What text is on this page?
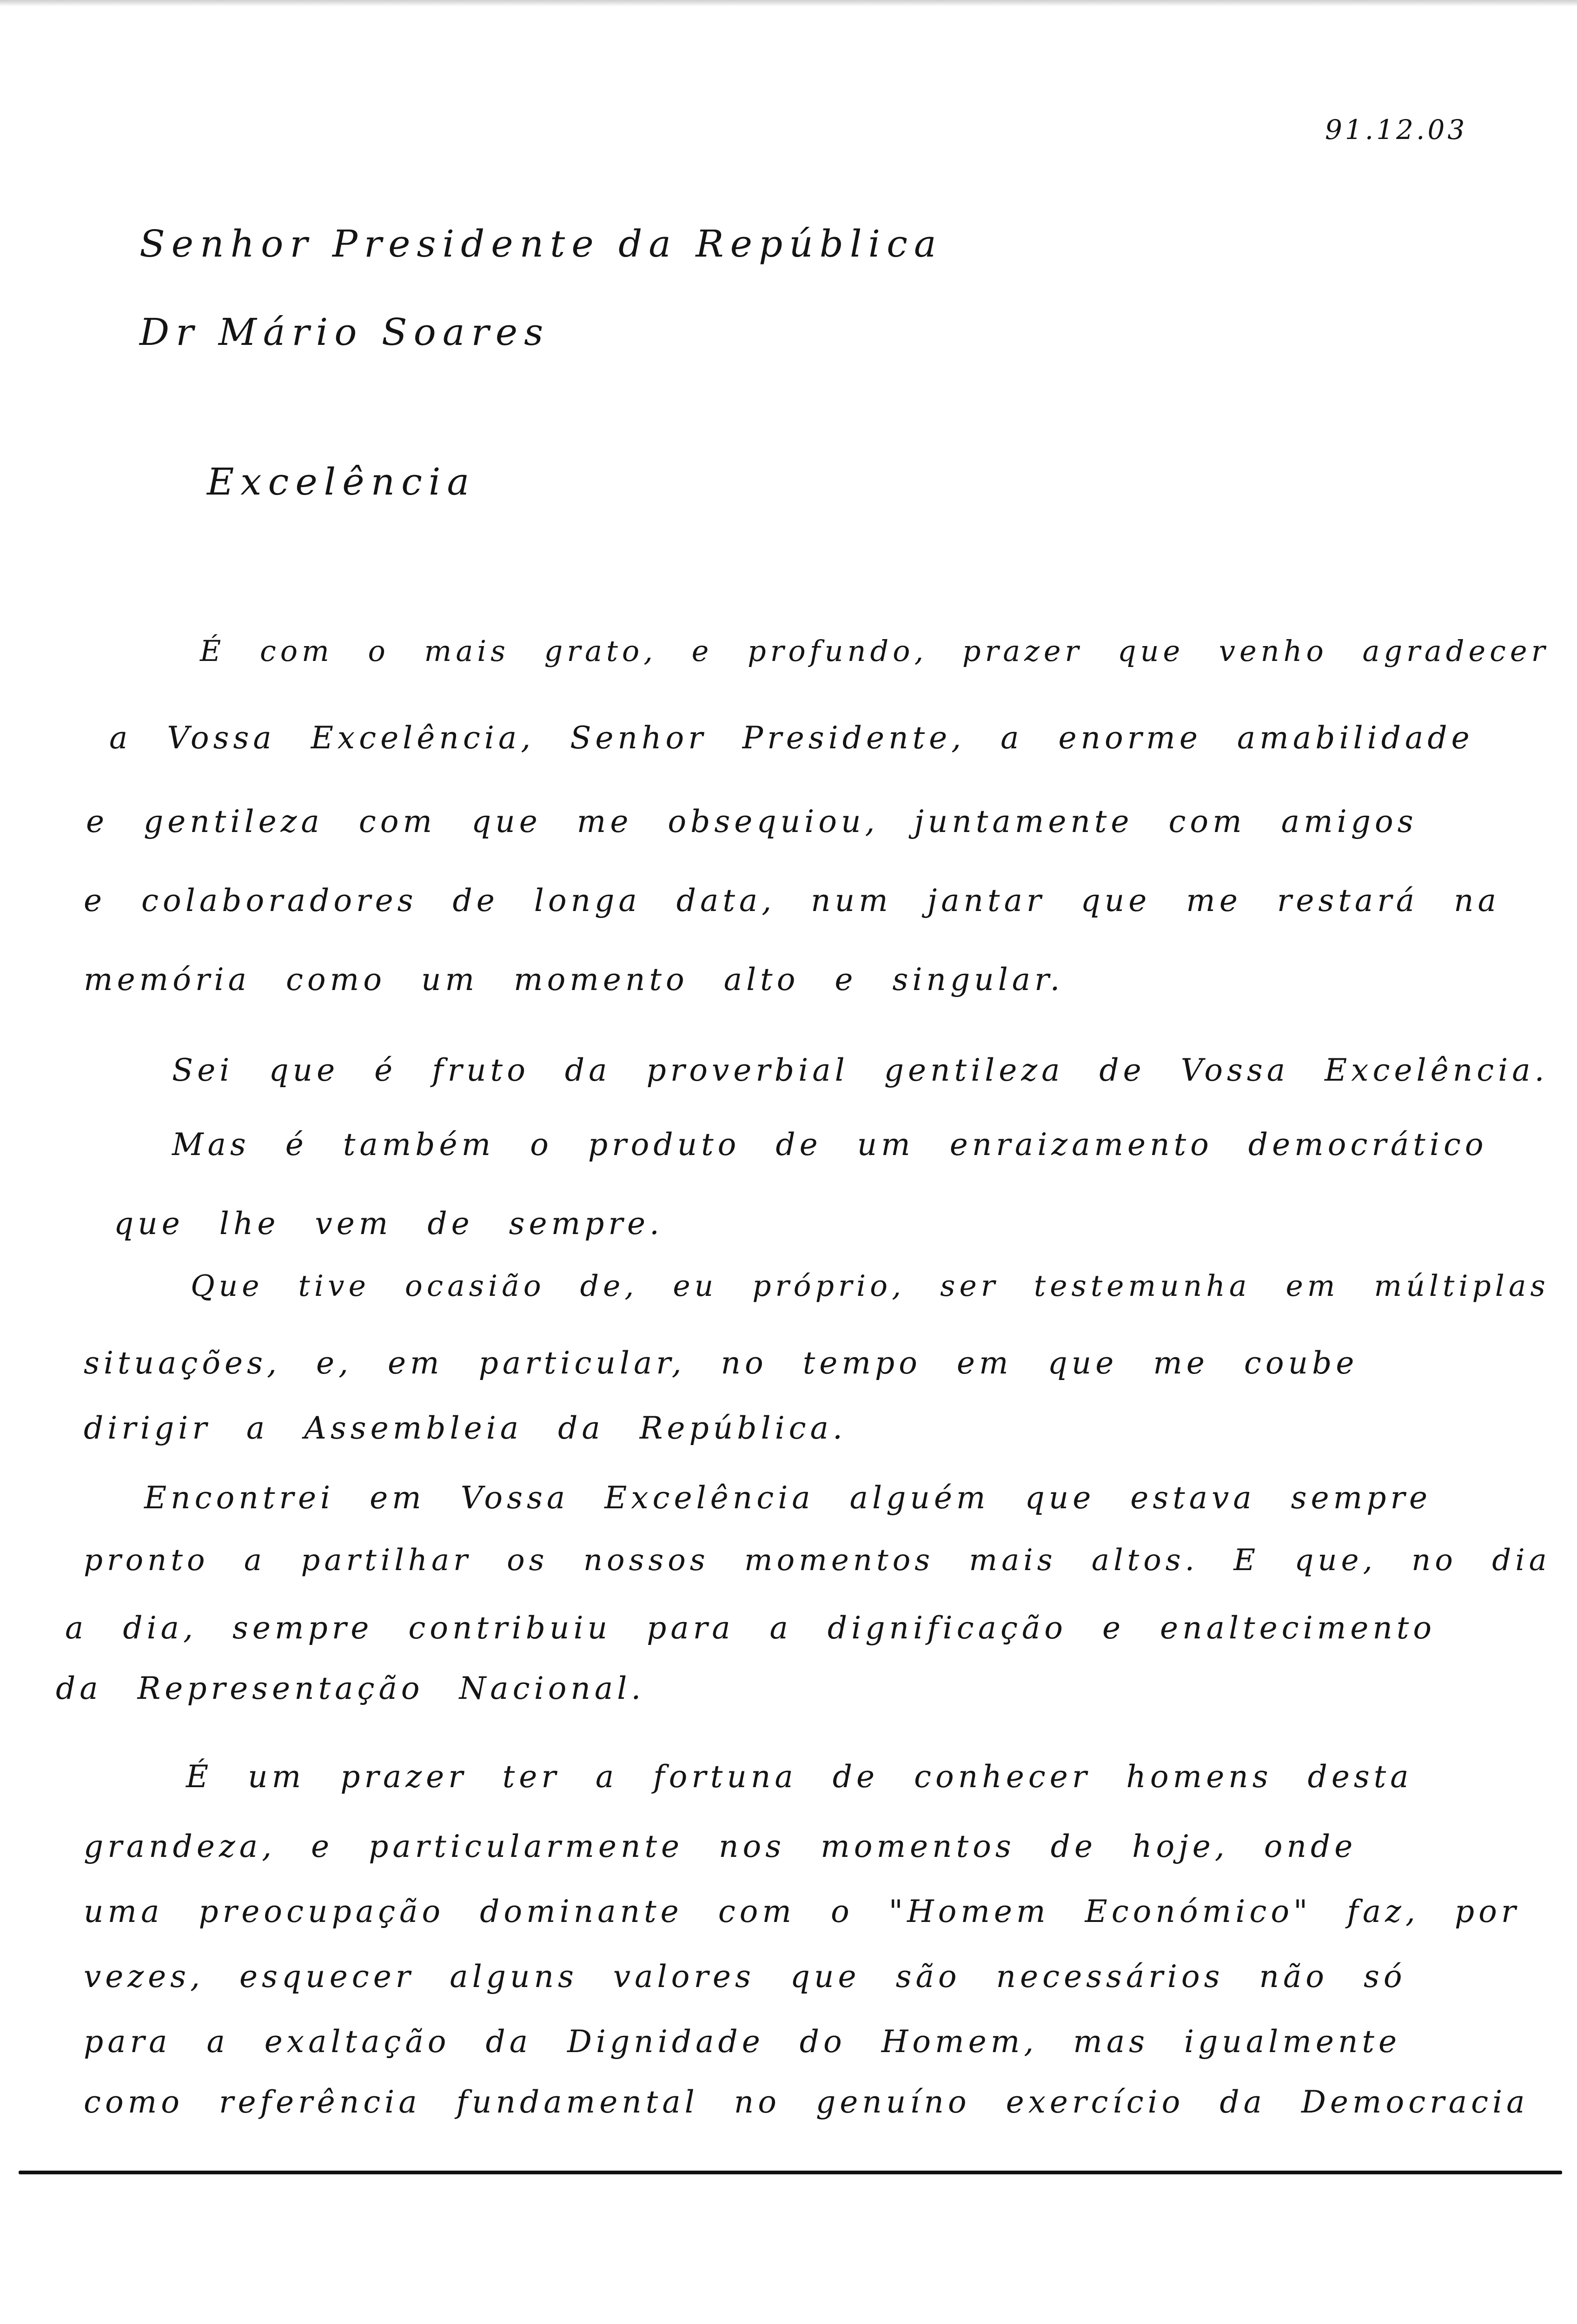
91.12.03
Senhor Presidente da República
Dr Mário Soares
Excelência
É com o mais grato, e profundo, prazer que venho agradecer
a Vossa Excelência, Senhor Presidente, a enorme amabilidade
e gentileza com que me obsequiou, juntamente com amigos
e colaboradores de longa data, num jantar que me restará na
memória como um momento alto e singular.
Sei que é fruto da proverbial gentileza de Vossa Excelência.
Mas é também o produto de um enraizamento democrático
que lhe vem de sempre.
Que tive ocasião de, eu próprio, ser testemunha em múltiplas
situações, e, em particular, no tempo em que me coube
dirigir a Assembleia da República.
Encontrei em Vossa Excelência alguém que estava sempre
pronto a partilhar os nossos momentos mais altos. E que, no dia
a dia, sempre contribuiu para a dignificação e enaltecimento
da Representação Nacional.
É um prazer ter a fortuna de conhecer homens desta
grandeza, e particularmente nos momentos de hoje, onde
uma preocupação dominante com o "Homem Económico" faz, por
vezes, esquecer alguns valores que são necessários não só
para a exaltação da Dignidade do Homem, mas igualmente
como referência fundamental no genuíno exercício da Democracia
